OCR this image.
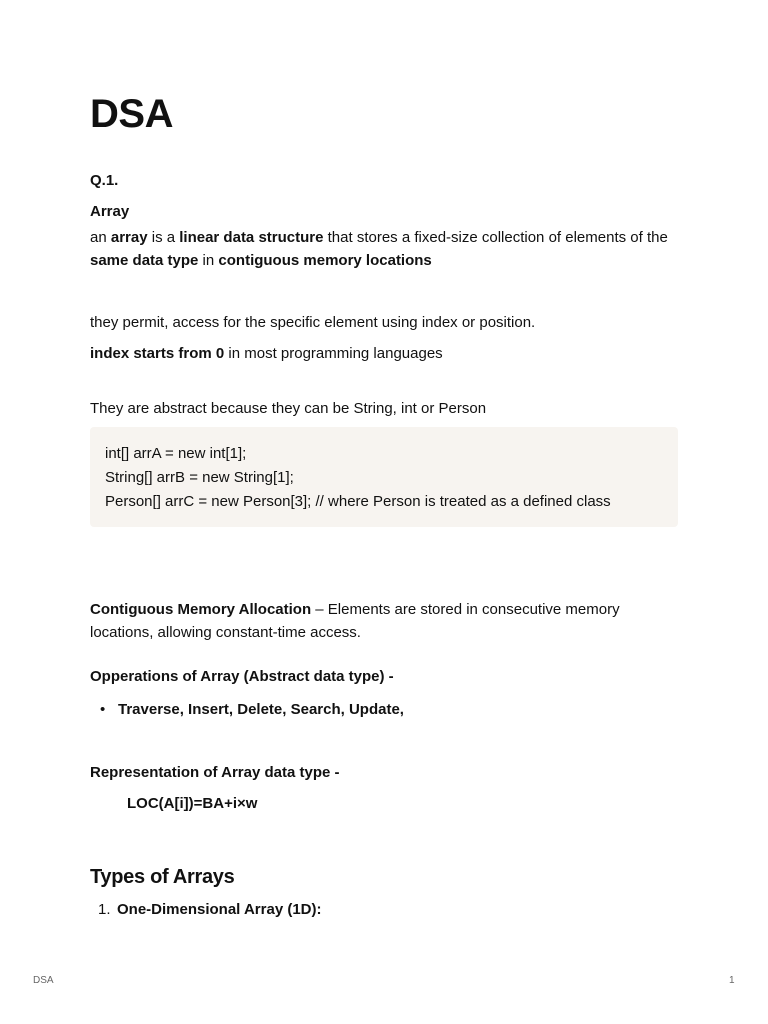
DSA
Q.1.
Array
an array is a linear data structure that stores a fixed-size collection of elements of the same data type in contiguous memory locations
they permit, access for the specific element using index or position.
index starts from 0 in most programming languages
They are abstract because they can be String, int or Person
int[] arrA = new int[1];
String[] arrB = new String[1];
Person[] arrC = new Person[3]; // where Person is treated as a defined class
Contiguous Memory Allocation – Elements are stored in consecutive memory locations, allowing constant-time access.
Opperations of Array (Abstract data type) -
• Traverse, Insert, Delete, Search, Update,
Representation of Array data type -
LOC(A[i])=BA+i×w
Types of Arrays
1. One-Dimensional Array (1D):
DSA	1
